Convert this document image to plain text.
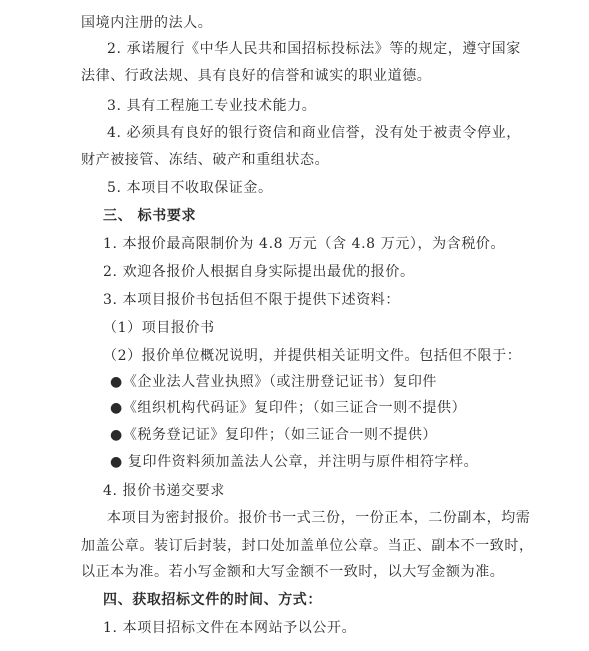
国境内注册的法人。
2. 承诺履行《中华人民共和国招标投标法》等的规定，遵守国家
法律、行政法规、具有良好的信誉和诚实的职业道德。
3. 具有工程施工专业技术能力。
4. 必须具有良好的银行资信和商业信誉，没有处于被责令停业，
财产被接管、冻结、破产和重组状态。
5. 本项目不收取保证金。
三、 标书要求
1. 本报价最高限制价为 4.8 万元（含 4.8 万元），为含税价。
2. 欢迎各报价人根据自身实际提出最优的报价。
3. 本项目报价书包括但不限于提供下述资料：
（1）项目报价书
（2）报价单位概况说明，并提供相关证明文件。包括但不限于：
●《企业法人营业执照》（或注册登记证书）复印件
●《组织机构代码证》复印件；（如三证合一则不提供）
●《税务登记证》复印件；（如三证合一则不提供）
● 复印件资料须加盖法人公章，并注明与原件相符字样。
4. 报价书递交要求
本项目为密封报价。报价书一式三份，一份正本，二份副本，均需
加盖公章。装订后封装，封口处加盖单位公章。当正、副本不一致时，
以正本为准。若小写金额和大写金额不一致时，以大写金额为准。
四、获取招标文件的时间、方式：
1. 本项目招标文件在本网站予以公开。
